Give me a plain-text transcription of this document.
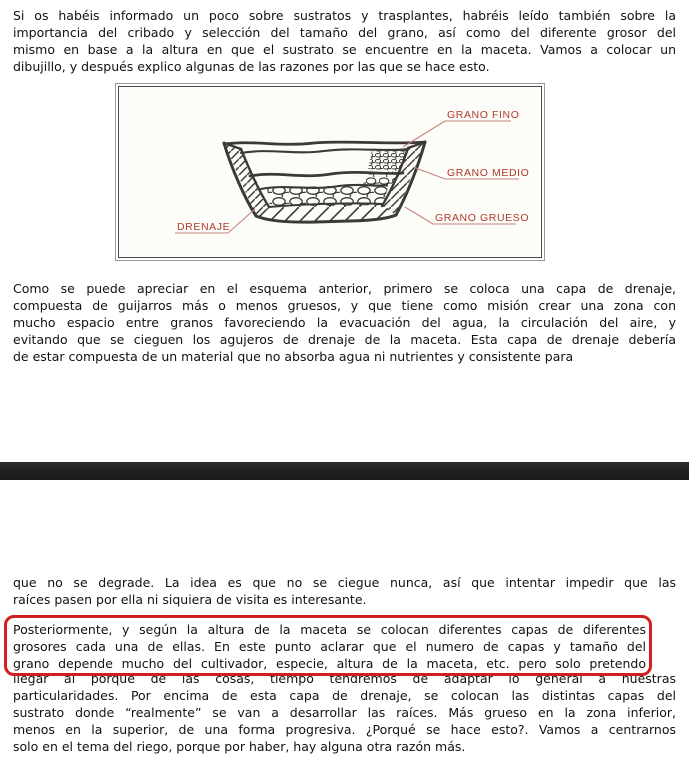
Si os habéis informado un poco sobre sustratos y trasplantes, habréis leído también sobre la
importancia del cribado y selección del tamaño del grano, así como del diferente grosor del
mismo en base a la altura en que el sustrato se encuentre en la maceta. Vamos a colocar un
dibujillo, y después explico algunas de las razones por las que se hace esto.
GRANO FINO
GRANO MEDIO
GRANO GRUESO
DRENAJE
Como se puede apreciar en el esquema anterior, primero se coloca una capa de drenaje,
compuesta de guijarros más o menos gruesos, y que tiene como misión crear una zona con
mucho espacio entre granos favoreciendo la evacuación del agua, la circulación del aire, y
evitando que se cieguen los agujeros de drenaje de la maceta. Esta capa de drenaje debería
de estar compuesta de un material que no absorba agua ni nutrientes y consistente para
que no se degrade. La idea es que no se ciegue nunca, así que intentar impedir que las
raíces pasen por ella ni siquiera de visita es interesante.
Posteriormente, y según la altura de la maceta se colocan diferentes capas de diferentes
grosores cada una de ellas. En este punto aclarar que el numero de capas y tamaño del
grano depende mucho del cultivador, especie, altura de la maceta, etc. pero solo pretendo
llegar al porque de las cosas, tiempo tendremos de adaptar lo general a nuestras
particularidades. Por encima de esta capa de drenaje, se colocan las distintas capas del
sustrato donde “realmente” se van a desarrollar las raíces. Más grueso en la zona inferior,
menos en la superior, de una forma progresiva. ¿Porqué se hace esto?. Vamos a centrarnos
solo en el tema del riego, porque por haber, hay alguna otra razón más.
